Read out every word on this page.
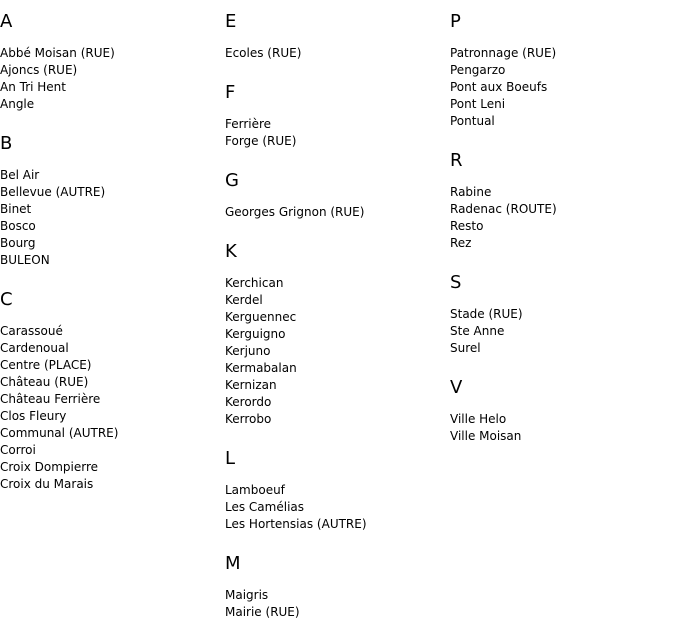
A
Abbé Moisan (RUE)
Ajoncs (RUE)
An Tri Hent
Angle
B
Bel Air
Bellevue (AUTRE)
Binet
Bosco
Bourg
BULEON
C
Carassoué
Cardenoual
Centre (PLACE)
Château (RUE)
Château Ferrière
Clos Fleury
Communal (AUTRE)
Corroi
Croix Dompierre
Croix du Marais
E
Ecoles (RUE)
F
Ferrière
Forge (RUE)
G
Georges Grignon (RUE)
K
Kerchican
Kerdel
Kerguennec
Kerguigno
Kerjuno
Kermabalan
Kernizan
Kerordo
Kerrobo
L
Lamboeuf
Les Camélias
Les Hortensias (AUTRE)
M
Maigris
Mairie (RUE)
P
Patronnage (RUE)
Pengarzo
Pont aux Boeufs
Pont Leni
Pontual
R
Rabine
Radenac (ROUTE)
Resto
Rez
S
Stade (RUE)
Ste Anne
Surel
V
Ville Helo
Ville Moisan
